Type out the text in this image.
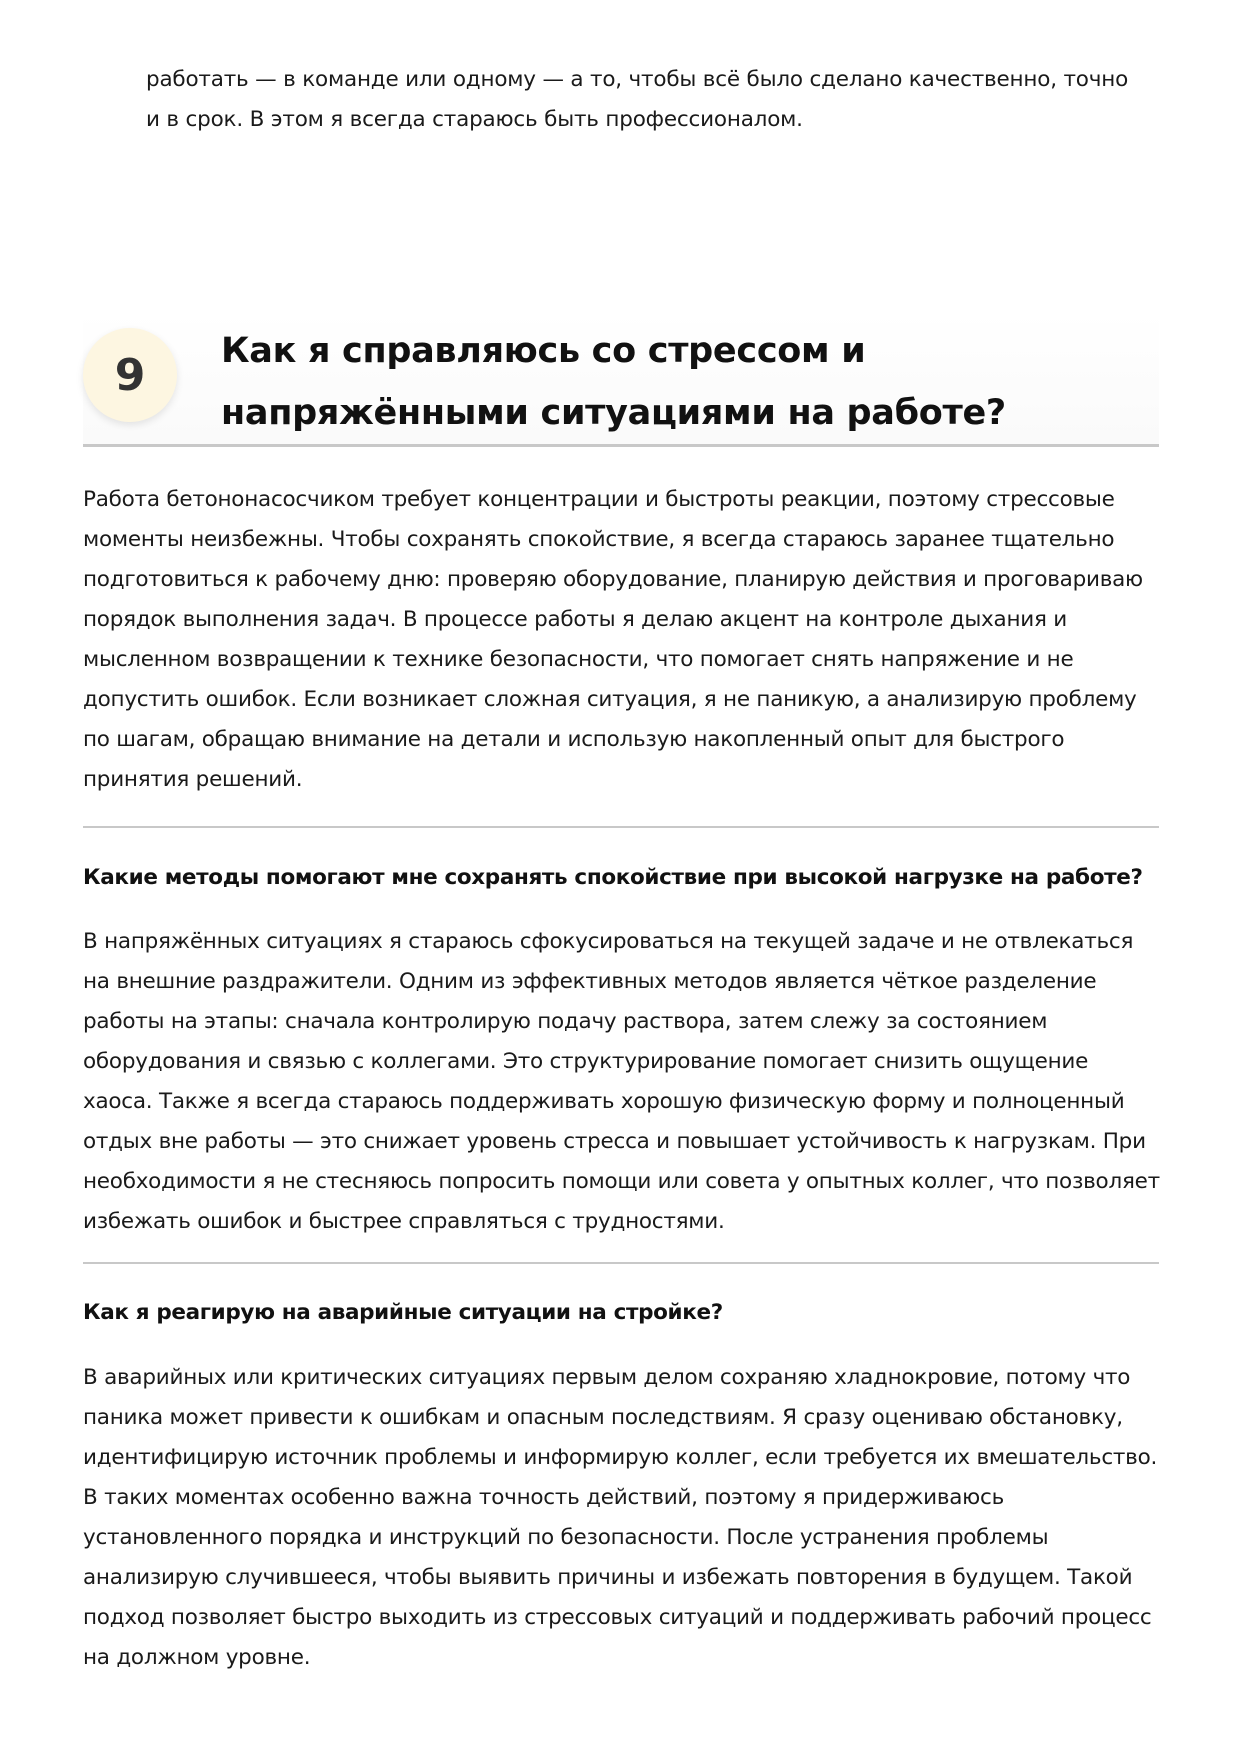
работать — в команде или одному — а то, чтобы всё было сделано качественно, точно и в срок. В этом я всегда стараюсь быть профессионалом.

9	Как я справляюсь со стрессом и напряжёнными ситуациями на работе?

Работа бетононасосчиком требует концентрации и быстроты реакции, поэтому стрессовые моменты неизбежны. Чтобы сохранять спокойствие, я всегда стараюсь заранее тщательно подготовиться к рабочему дню: проверяю оборудование, планирую действия и проговариваю порядок выполнения задач. В процессе работы я делаю акцент на контроле дыхания и мысленном возвращении к технике безопасности, что помогает снять напряжение и не допустить ошибок. Если возникает сложная ситуация, я не паникую, а анализирую проблему по шагам, обращаю внимание на детали и использую накопленный опыт для быстрого принятия решений.

Какие методы помогают мне сохранять спокойствие при высокой нагрузке на работе?

В напряжённых ситуациях я стараюсь сфокусироваться на текущей задаче и не отвлекаться на внешние раздражители. Одним из эффективных методов является чёткое разделение работы на этапы: сначала контролирую подачу раствора, затем слежу за состоянием оборудования и связью с коллегами. Это структурирование помогает снизить ощущение хаоса. Также я всегда стараюсь поддерживать хорошую физическую форму и полноценный отдых вне работы — это снижает уровень стресса и повышает устойчивость к нагрузкам. При необходимости я не стесняюсь попросить помощи или совета у опытных коллег, что позволяет избежать ошибок и быстрее справляться с трудностями.

Как я реагирую на аварийные ситуации на стройке?

В аварийных или критических ситуациях первым делом сохраняю хладнокровие, потому что паника может привести к ошибкам и опасным последствиям. Я сразу оцениваю обстановку, идентифицирую источник проблемы и информирую коллег, если требуется их вмешательство. В таких моментах особенно важна точность действий, поэтому я придерживаюсь установленного порядка и инструкций по безопасности. После устранения проблемы анализирую случившееся, чтобы выявить причины и избежать повторения в будущем. Такой подход позволяет быстро выходить из стрессовых ситуаций и поддерживать рабочий процесс на должном уровне.
